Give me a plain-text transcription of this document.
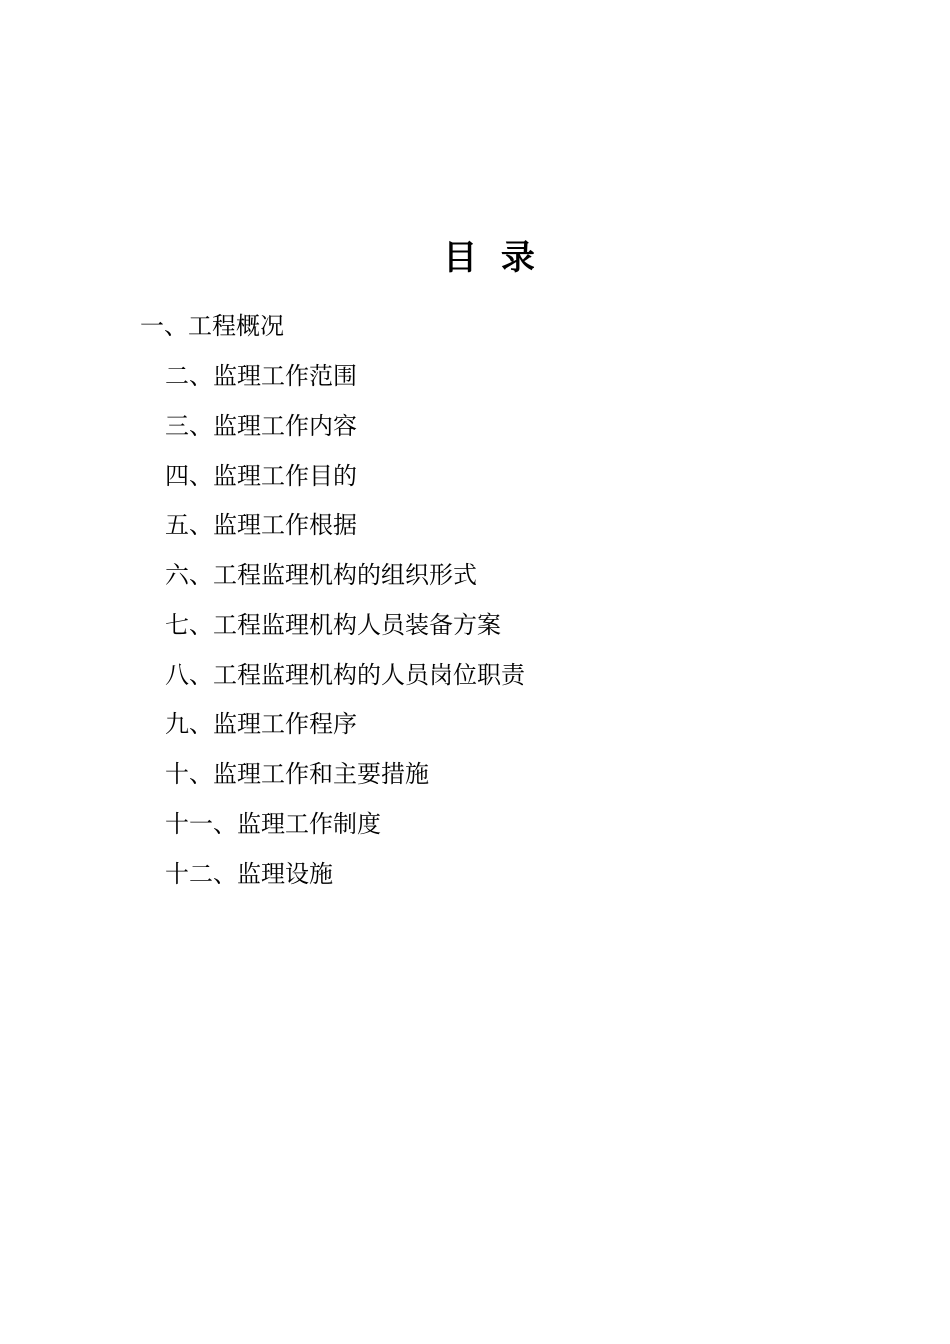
目  录
一、工程概况
二、监理工作范围
三、监理工作内容
四、监理工作目的
五、监理工作根据
六、工程监理机构的组织形式
七、工程监理机构人员装备方案
八、工程监理机构的人员岗位职责
九、监理工作程序
十、监理工作和主要措施
十一、监理工作制度
十二、监理设施
